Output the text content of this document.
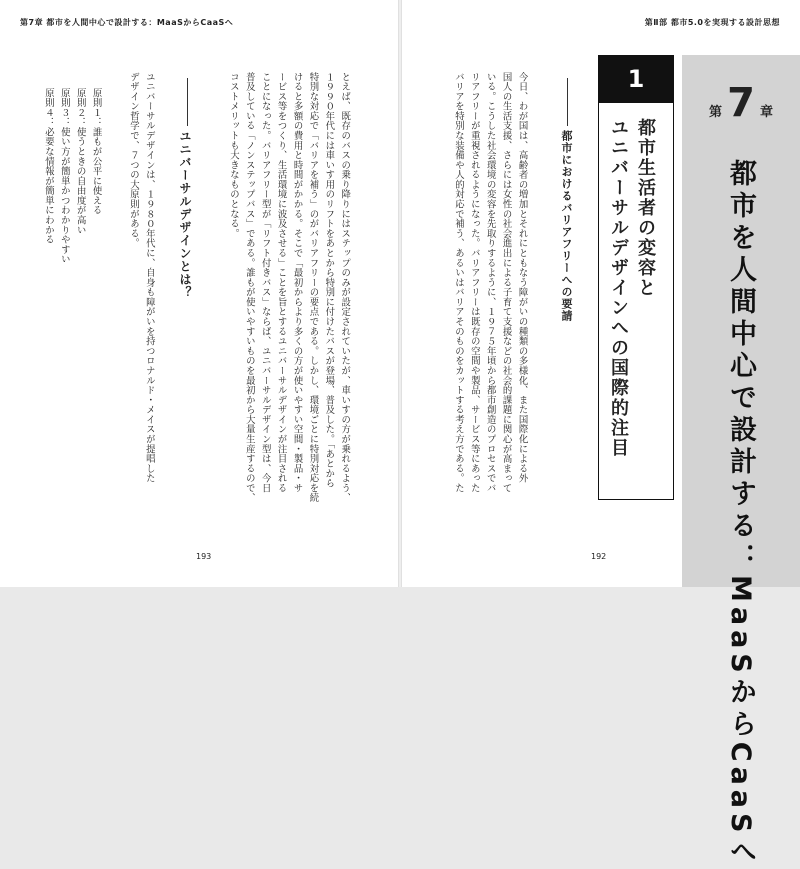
第7章 都市を人間中心で設計する：MaaSからCaaSへ
とえば、既存のバスの乗り降りにはステップのみが設定されていたが、車いすの方が乗れるよう、
１９９０年代には車いす用のリフトをあとから特別に付けたバスが登場、普及した。「あとから
特別な対応で「バリアを補う」のがバリアフリーの要点である。しかし、環境ごとに特別対応を続
けると多額の費用と時間がかかる。そこで「最初からより多くの方が使いやすい空間・製品・サ
ービス等をつくり、生活環境に波及させる」ことを旨とするユニバーサルデザインが注目される
ことになった。バリアフリー型が「リフト付きバス」ならば、ユニバーサルデザイン型は、今日
普及している「ノンステップバス」である。誰もが使いやすいものを最初から大量生産するので、
コストメリットも大きなものとなる。
ユニバーサルデザインとは？
ユニバーサルデザインは、１９８０年代に、自身も障がいを持つロナルド・メイスが提唱した
デザイン哲学で、７つの大原則がある。
原則１：誰もが公平に使える
原則２：使うときの自由度が高い
原則３：使い方が簡単かつわかりやすい
原則４：必要な情報が簡単にわかる
193
第Ⅱ部 都市5.0を実現する設計思想
第 7 章
都市を人間中心で設計する：MaaSからCaaSへ
1
都市生活者の変容と
ユニバーサルデザインへの国際的注目
都市におけるバリアフリーへの要請
今日、わが国は、高齢者の増加とそれにともなう障がいの種類の多様化、また国際化による外
国人の生活支援、さらには女性の社会進出による子育て支援などの社会的課題に関心が高まって
いる。こうした社会環境の変容を先取りするように、１９７５年頃から都市創造のプロセスでバ
リアフリーが重視されるようになった。バリアフリーは既存の空間や製品、サービス等にあった
バリアを特別な装備や人的対応で補う、あるいはバリアそのものをカットする考え方である。た
192
